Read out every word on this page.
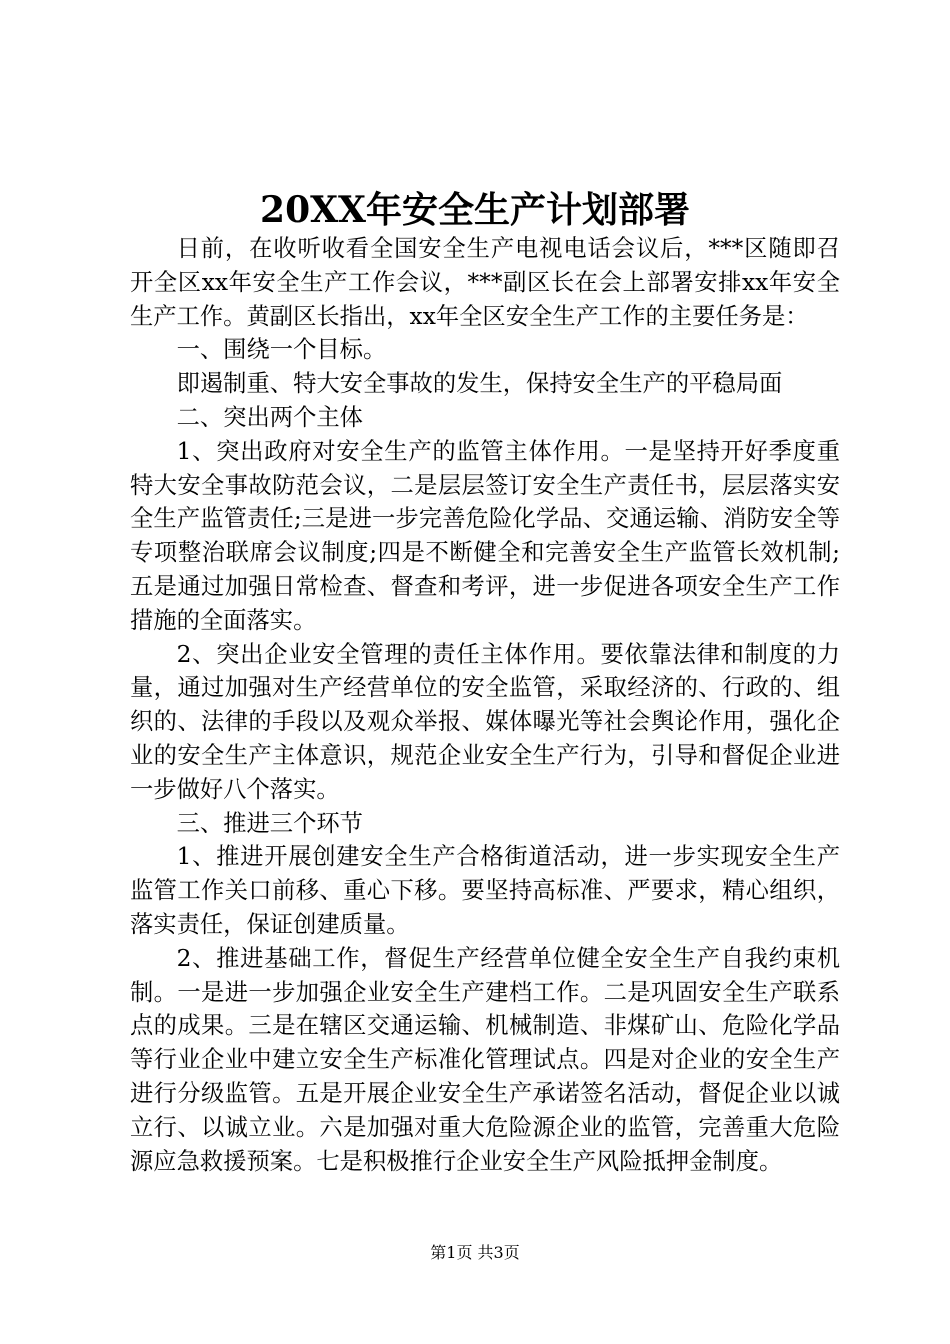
20XX年安全生产计划部署

日前，在收听收看全国安全生产电视电话会议后，***区随即召开全区xx年安全生产工作会议，***副区长在会上部署安排xx年安全生产工作。黄副区长指出，xx年全区安全生产工作的主要任务是：

一、围绕一个目标。

即遏制重、特大安全事故的发生，保持安全生产的平稳局面

二、突出两个主体

1、突出政府对安全生产的监管主体作用。一是坚持开好季度重特大安全事故防范会议，二是层层签订安全生产责任书，层层落实安全生产监管责任;三是进一步完善危险化学品、交通运输、消防安全等专项整治联席会议制度;四是不断健全和完善安全生产监管长效机制;五是通过加强日常检查、督查和考评，进一步促进各项安全生产工作措施的全面落实。

2、突出企业安全管理的责任主体作用。要依靠法律和制度的力量，通过加强对生产经营单位的安全监管，采取经济的、行政的、组织的、法律的手段以及观众举报、媒体曝光等社会舆论作用，强化企业的安全生产主体意识，规范企业安全生产行为，引导和督促企业进一步做好八个落实。

三、推进三个环节

1、推进开展创建安全生产合格街道活动，进一步实现安全生产监管工作关口前移、重心下移。要坚持高标准、严要求，精心组织，落实责任，保证创建质量。

2、推进基础工作，督促生产经营单位健全安全生产自我约束机制。一是进一步加强企业安全生产建档工作。二是巩固安全生产联系点的成果。三是在辖区交通运输、机械制造、非煤矿山、危险化学品等行业企业中建立安全生产标准化管理试点。四是对企业的安全生产进行分级监管。五是开展企业安全生产承诺签名活动，督促企业以诚立行、以诚立业。六是加强对重大危险源企业的监管，完善重大危险源应急救援预案。七是积极推行企业安全生产风险抵押金制度。

第1页 共3页
